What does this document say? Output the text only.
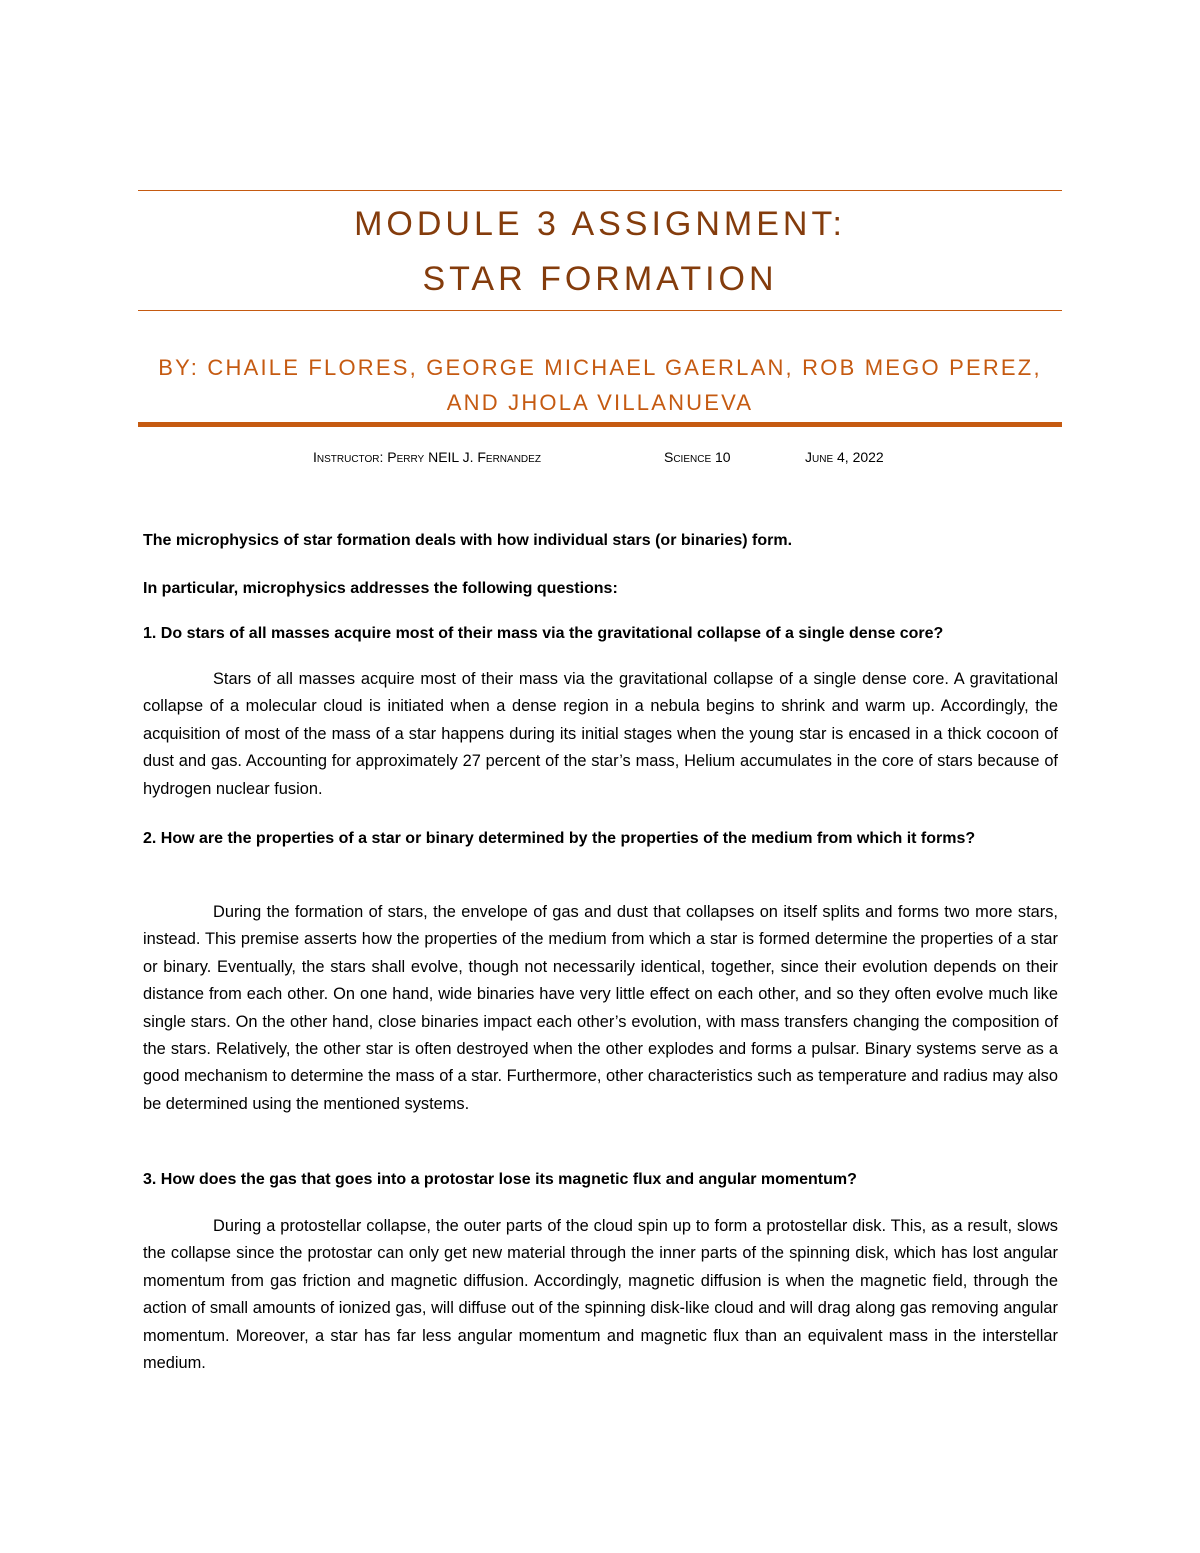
MODULE 3 ASSIGNMENT:
STAR FORMATION
BY: CHAILE FLORES, GEORGE MICHAEL GAERLAN, ROB MEGO PEREZ,
AND JHOLA VILLANUEVA
Instructor: Perry NEIL J. Fernandez	Science 10	June 4, 2022
The microphysics of star formation deals with how individual stars (or binaries) form.
In particular, microphysics addresses the following questions:
1. Do stars of all masses acquire most of their mass via the gravitational collapse of a single dense core?
Stars of all masses acquire most of their mass via the gravitational collapse of a single dense core. A gravitational collapse of a molecular cloud is initiated when a dense region in a nebula begins to shrink and warm up. Accordingly, the acquisition of most of the mass of a star happens during its initial stages when the young star is encased in a thick cocoon of dust and gas. Accounting for approximately 27 percent of the star’s mass, Helium accumulates in the core of stars because of hydrogen nuclear fusion.
2. How are the properties of a star or binary determined by the properties of the medium from which it forms?
During the formation of stars, the envelope of gas and dust that collapses on itself splits and forms two more stars, instead. This premise asserts how the properties of the medium from which a star is formed determine the properties of a star or binary. Eventually, the stars shall evolve, though not necessarily identical, together, since their evolution depends on their distance from each other. On one hand, wide binaries have very little effect on each other, and so they often evolve much like single stars. On the other hand, close binaries impact each other’s evolution, with mass transfers changing the composition of the stars. Relatively, the other star is often destroyed when the other explodes and forms a pulsar. Binary systems serve as a good mechanism to determine the mass of a star. Furthermore, other characteristics such as temperature and radius may also be determined using the mentioned systems.
3. How does the gas that goes into a protostar lose its magnetic flux and angular momentum?
During a protostellar collapse, the outer parts of the cloud spin up to form a protostellar disk. This, as a result, slows the collapse since the protostar can only get new material through the inner parts of the spinning disk, which has lost angular momentum from gas friction and magnetic diffusion. Accordingly, magnetic diffusion is when the magnetic field, through the action of small amounts of ionized gas, will diffuse out of the spinning disk-like cloud and will drag along gas removing angular momentum. Moreover, a star has far less angular momentum and magnetic flux than an equivalent mass in the interstellar medium.
